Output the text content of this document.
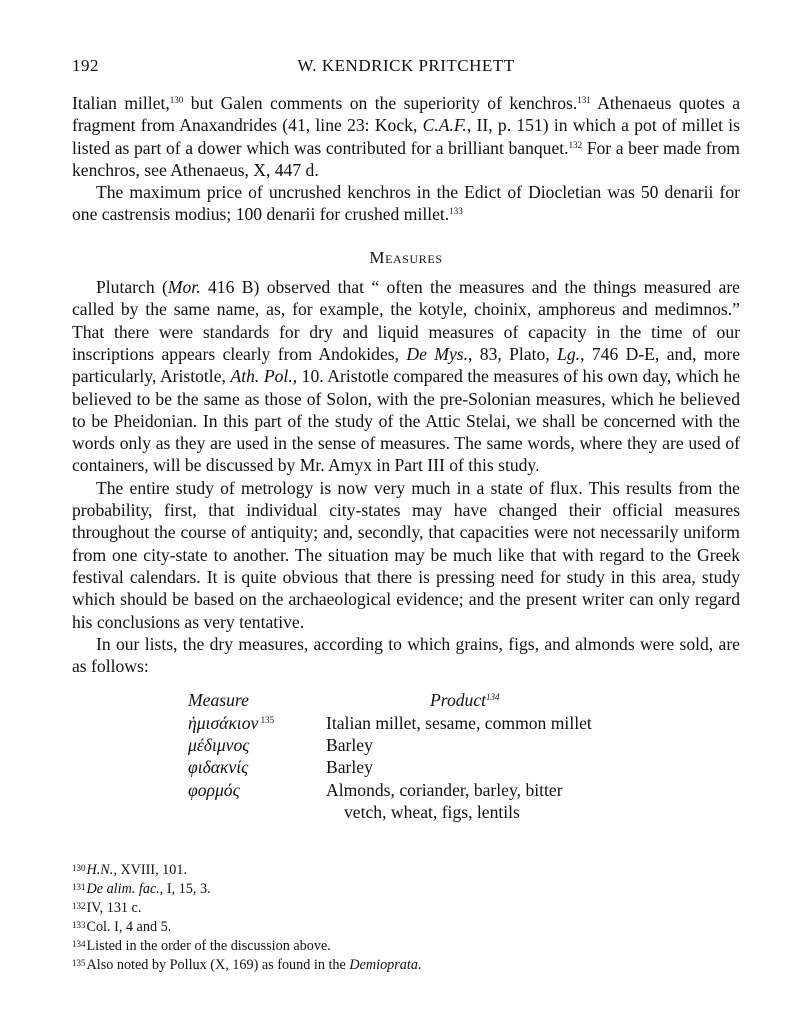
192	W. KENDRICK PRITCHETT

Italian millet,$^{130}$ but Galen comments on the superiority of kenchros.$^{131}$ Athenaeus quotes a fragment from Anaxandrides (41, line 23: Kock, C.A.F., II, p. 151) in which a pot of millet is listed as part of a dower which was contributed for a brilliant banquet.$^{132}$ For a beer made from kenchros, see Athenaeus, X, 447 d.

The maximum price of uncrushed kenchros in the Edict of Diocletian was 50 denarii for one castrensis modius; 100 denarii for crushed millet.$^{133}$

Measures

Plutarch (Mor. 416 B) observed that “ often the measures and the things measured are called by the same name, as, for example, the kotyle, choinix, amphoreus and medimnos.” That there were standards for dry and liquid measures of capacity in the time of our inscriptions appears clearly from Andokides, De Mys., 83, Plato, Lg., 746 D-E, and, more particularly, Aristotle, Ath. Pol., 10. Aristotle compared the measures of his own day, which he believed to be the same as those of Solon, with the pre-Solonian measures, which he believed to be Pheidonian. In this part of the study of the Attic Stelai, we shall be concerned with the words only as they are used in the sense of measures. The same words, where they are used of containers, will be discussed by Mr. Amyx in Part III of this study.

The entire study of metrology is now very much in a state of flux. This results from the probability, first, that individual city-states may have changed their official measures throughout the course of antiquity; and, secondly, that capacities were not necessarily uniform from one city-state to another. The situation may be much like that with regard to the Greek festival calendars. It is quite obvious that there is pressing need for study in this area, study which should be based on the archaeological evidence; and the present writer can only regard his conclusions as very tentative.

In our lists, the dry measures, according to which grains, figs, and almonds were sold, are as follows:

Measure	Product$^{134}$
ἡμισάκιον $^{135}$	Italian millet, sesame, common millet
μέδιμνος	Barley
φιδακνίς	Barley
φορμός	Almonds, coriander, barley, bitter
vetch, wheat, figs, lentils

$^{130}$H.N., XVIII, 101.

$^{131}$De alim. fac., I, 15, 3.

$^{132}$IV, 131 c.

$^{133}$Col. I, 4 and 5.

$^{134}$Listed in the order of the discussion above.

$^{135}$Also noted by Pollux (X, 169) as found in the Demioprata.
